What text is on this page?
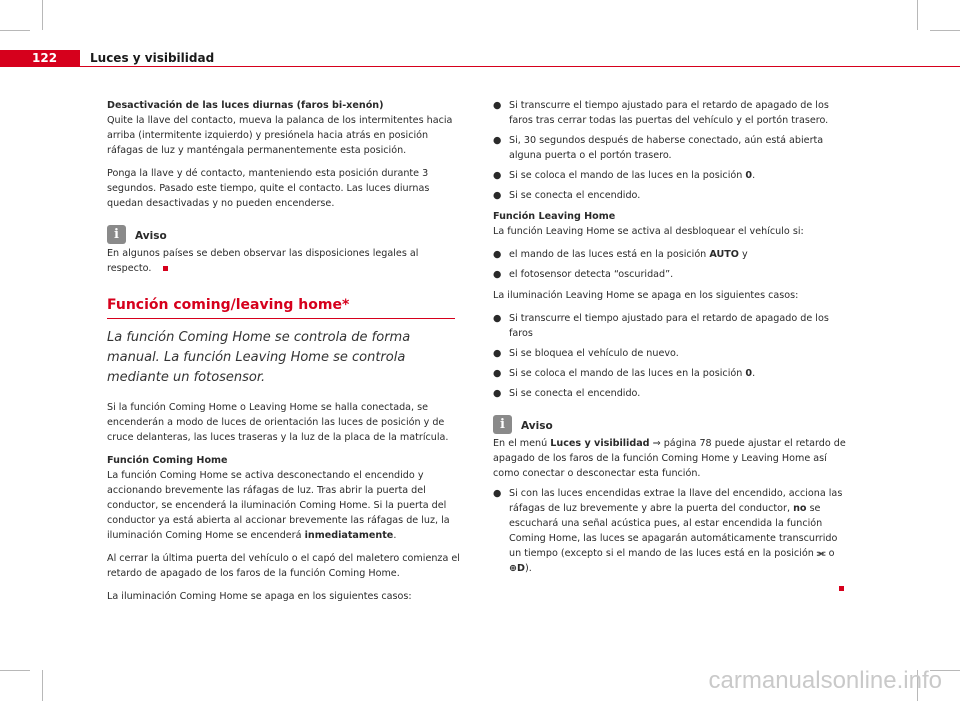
122	Luces y visibilidad

Desactivación de las luces diurnas (faros bi-xenón)

Quite la llave del contacto, mueva la palanca de los intermitentes hacia arriba (intermitente izquierdo) y presiónela hacia atrás en posición ráfagas de luz y manténgala permanentemente esta posición.

Ponga la llave y dé contacto, manteniendo esta posición durante 3 segundos. Pasado este tiempo, quite el contacto. Las luces diurnas quedan desactivadas y no pueden encenderse.

i	Aviso

En algunos países se deben observar las disposiciones legales al respecto.

Función coming/leaving home*

La función Coming Home se controla de forma manual. La función Leaving Home se controla mediante un fotosensor.

Si la función Coming Home o Leaving Home se halla conectada, se encenderán a modo de luces de orientación las luces de posición y de cruce delanteras, las luces traseras y la luz de la placa de la matrícula.

Función Coming Home

La función Coming Home se activa desconectando el encendido y accionando brevemente las ráfagas de luz. Tras abrir la puerta del conductor, se encenderá la iluminación Coming Home. Si la puerta del conductor ya está abierta al accionar brevemente las ráfagas de luz, la iluminación Coming Home se encenderá inmediatamente.

Al cerrar la última puerta del vehículo o el capó del maletero comienza el retardo de apagado de los faros de la función Coming Home.

La iluminación Coming Home se apaga en los siguientes casos:

● Si transcurre el tiempo ajustado para el retardo de apagado de los faros tras cerrar todas las puertas del vehículo y el portón trasero.
● Si, 30 segundos después de haberse conectado, aún está abierta alguna puerta o el portón trasero.
● Si se coloca el mando de las luces en la posición 0.
● Si se conecta el encendido.

Función Leaving Home

La función Leaving Home se activa al desbloquear el vehículo si:

● el mando de las luces está en la posición AUTO y
● el fotosensor detecta “oscuridad”.

La iluminación Leaving Home se apaga en los siguientes casos:

● Si transcurre el tiempo ajustado para el retardo de apagado de los faros
● Si se bloquea el vehículo de nuevo.
● Si se coloca el mando de las luces en la posición 0.
● Si se conecta el encendido.
i	Aviso

En el menú Luces y visibilidad ⇒ página 78 puede ajustar el retardo de apagado de los faros de la función Coming Home y Leaving Home así como conectar o desconectar esta función.

● Si con las luces encendidas extrae la llave del encendido, acciona las ráfagas de luz brevemente y abre la puerta del conductor, no se escuchará una señal acústica pues, al estar encendida la función Coming Home, las luces se apagarán automáticamente transcurrido un tiempo (excepto si el mando de las luces está en la posición ⫘ o ⊕D).
carmanualsonline.info
